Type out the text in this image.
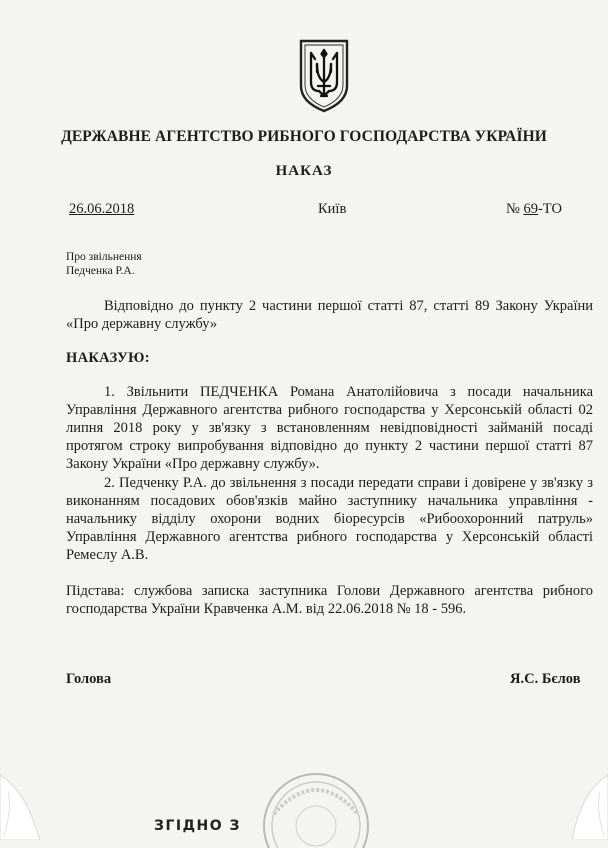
ДЕРЖАВНЕ АГЕНТСТВО РИБНОГО ГОСПОДАРСТВА УКРАЇНИ
НАКАЗ
26.06.2018	Київ	№ 69-ТО
Про звільнення
Педченка Р.А.
Відповідно до пункту 2 частини першої статті 87, статті 89 Закону України «Про державну службу»
НАКАЗУЮ:
1. Звільнити ПЕДЧЕНКА Романа Анатолійовича з посади начальника Управління Державного агентства рибного господарства у Херсонській області 02 липня 2018 року у зв'язку з встановленням невідповідності займаній посаді протягом строку випробування відповідно до пункту 2 частини першої статті 87 Закону України «Про державну службу».
2. Педченку Р.А. до звільнення з посади передати справи і довірене у зв'язку з виконанням посадових обов'язків майно заступнику начальника управління - начальнику відділу охорони водних біоресурсів «Рибоохоронний патруль» Управління Державного агентства рибного господарства у Херсонській області Ремеслу А.В.
Підстава: службова записка заступника Голови Державного агентства рибного господарства України Кравченка А.М. від 22.06.2018 № 18 - 596.
Голова	Я.С. Бєлов
ЗГІДНО З
